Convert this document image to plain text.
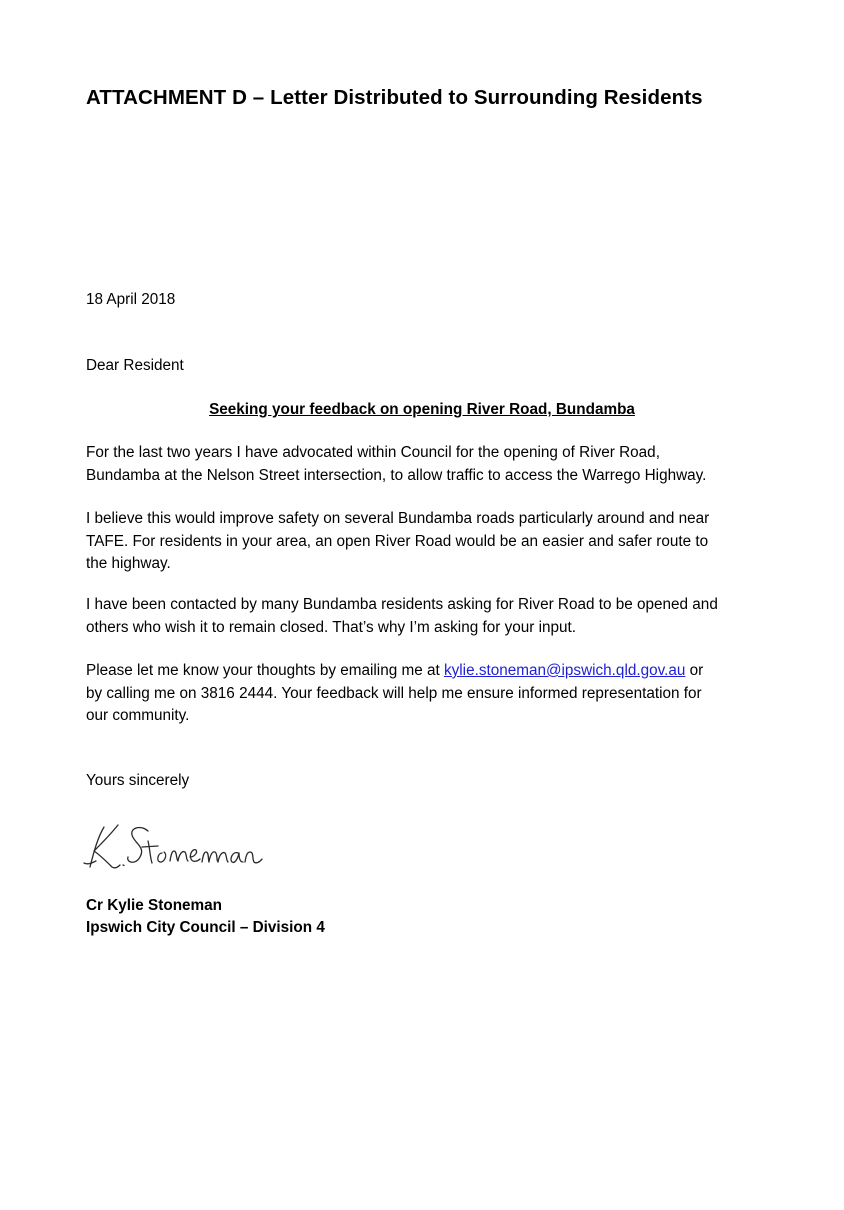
ATTACHMENT D – Letter Distributed to Surrounding Residents
18 April 2018
Dear Resident
Seeking your feedback on opening River Road, Bundamba
For the last two years I have advocated within Council for the opening of River Road,
Bundamba at the Nelson Street intersection, to allow traffic to access the Warrego Highway.
I believe this would improve safety on several Bundamba roads particularly around and near
TAFE. For residents in your area, an open River Road would be an easier and safer route to
the highway.
I have been contacted by many Bundamba residents asking for River Road to be opened and
others who wish it to remain closed. That’s why I’m asking for your input.
Please let me know your thoughts by emailing me at kylie.stoneman@ipswich.qld.gov.au or
by calling me on 3816 2444. Your feedback will help me ensure informed representation for
our community.
Yours sincerely
Cr Kylie Stoneman
Ipswich City Council – Division 4
